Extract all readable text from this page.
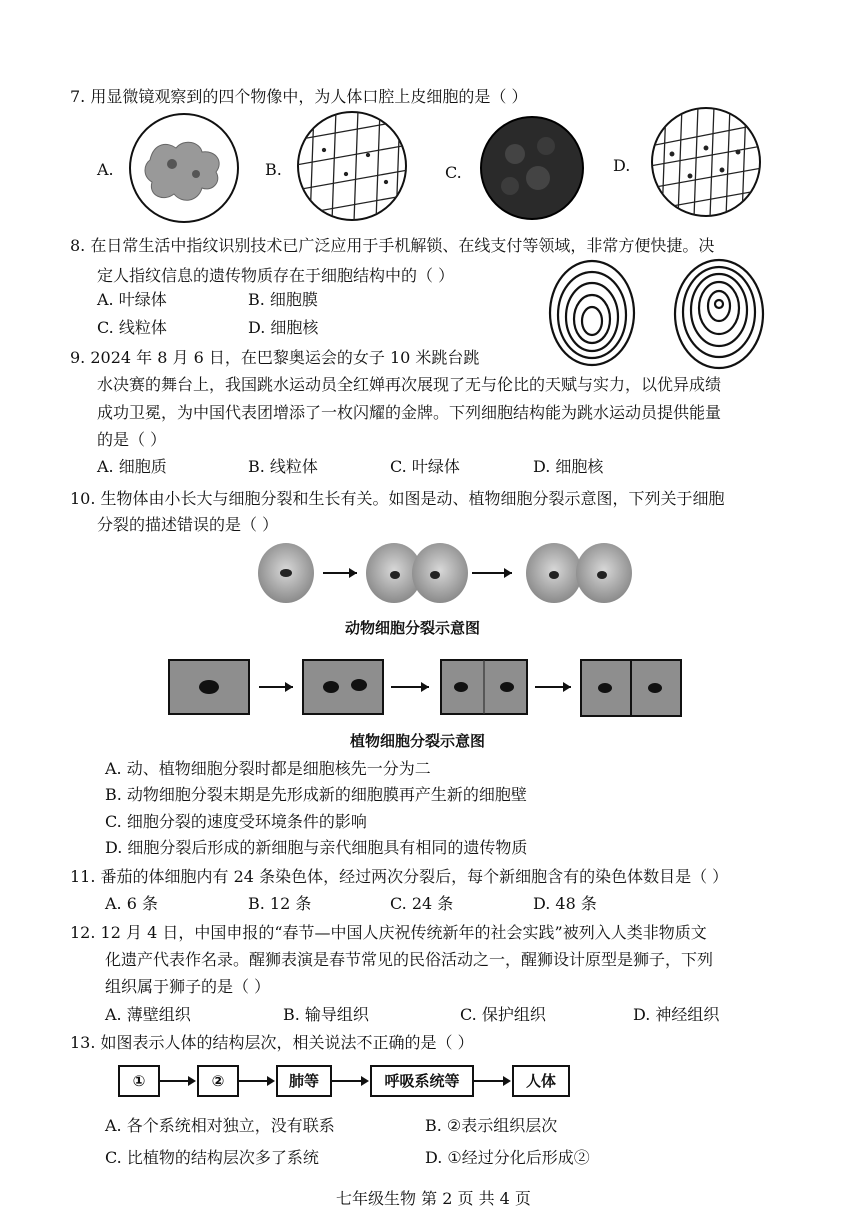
7. 用显微镜观察到的四个物像中，为人体口腔上皮细胞的是（ ）
A.	B.	C.	D.
8. 在日常生活中指纹识别技术已广泛应用于手机解锁、在线支付等领域，非常方便快捷。决
定人指纹信息的遗传物质存在于细胞结构中的（ ）
A. 叶绿体	B. 细胞膜
C. 线粒体	D. 细胞核
9. 2024 年 8 月 6 日，在巴黎奥运会的女子 10 米跳台跳
水决赛的舞台上，我国跳水运动员全红婵再次展现了无与伦比的天赋与实力，以优异成绩
成功卫冕，为中国代表团增添了一枚闪耀的金牌。下列细胞结构能为跳水运动员提供能量
的是（ ）
A. 细胞质	B. 线粒体	C. 叶绿体	D. 细胞核
10. 生物体由小长大与细胞分裂和生长有关。如图是动、植物细胞分裂示意图，下列关于细胞
分裂的描述错误的是（ ）
动物细胞分裂示意图
植物细胞分裂示意图
A. 动、植物细胞分裂时都是细胞核先一分为二
B. 动物细胞分裂末期是先形成新的细胞膜再产生新的细胞壁
C. 细胞分裂的速度受环境条件的影响
D. 细胞分裂后形成的新细胞与亲代细胞具有相同的遗传物质
11. 番茄的体细胞内有 24 条染色体，经过两次分裂后，每个新细胞含有的染色体数目是（ ）
A. 6 条	B. 12 条	C. 24 条	D. 48 条
12. 12 月 4 日，中国申报的“春节—中国人庆祝传统新年的社会实践”被列入人类非物质文
化遗产代表作名录。醒狮表演是春节常见的民俗活动之一，醒狮设计原型是狮子，下列
组织属于狮子的是（ ）
A. 薄壁组织	B. 输导组织	C. 保护组织	D. 神经组织
13. 如图表示人体的结构层次，相关说法不正确的是（ ）
①	②	肺等	呼吸系统等	人体
A. 各个系统相对独立，没有联系	B. ②表示组织层次
C. 比植物的结构层次多了系统	D. ①经过分化后形成②
七年级生物 第 2 页 共 4 页
